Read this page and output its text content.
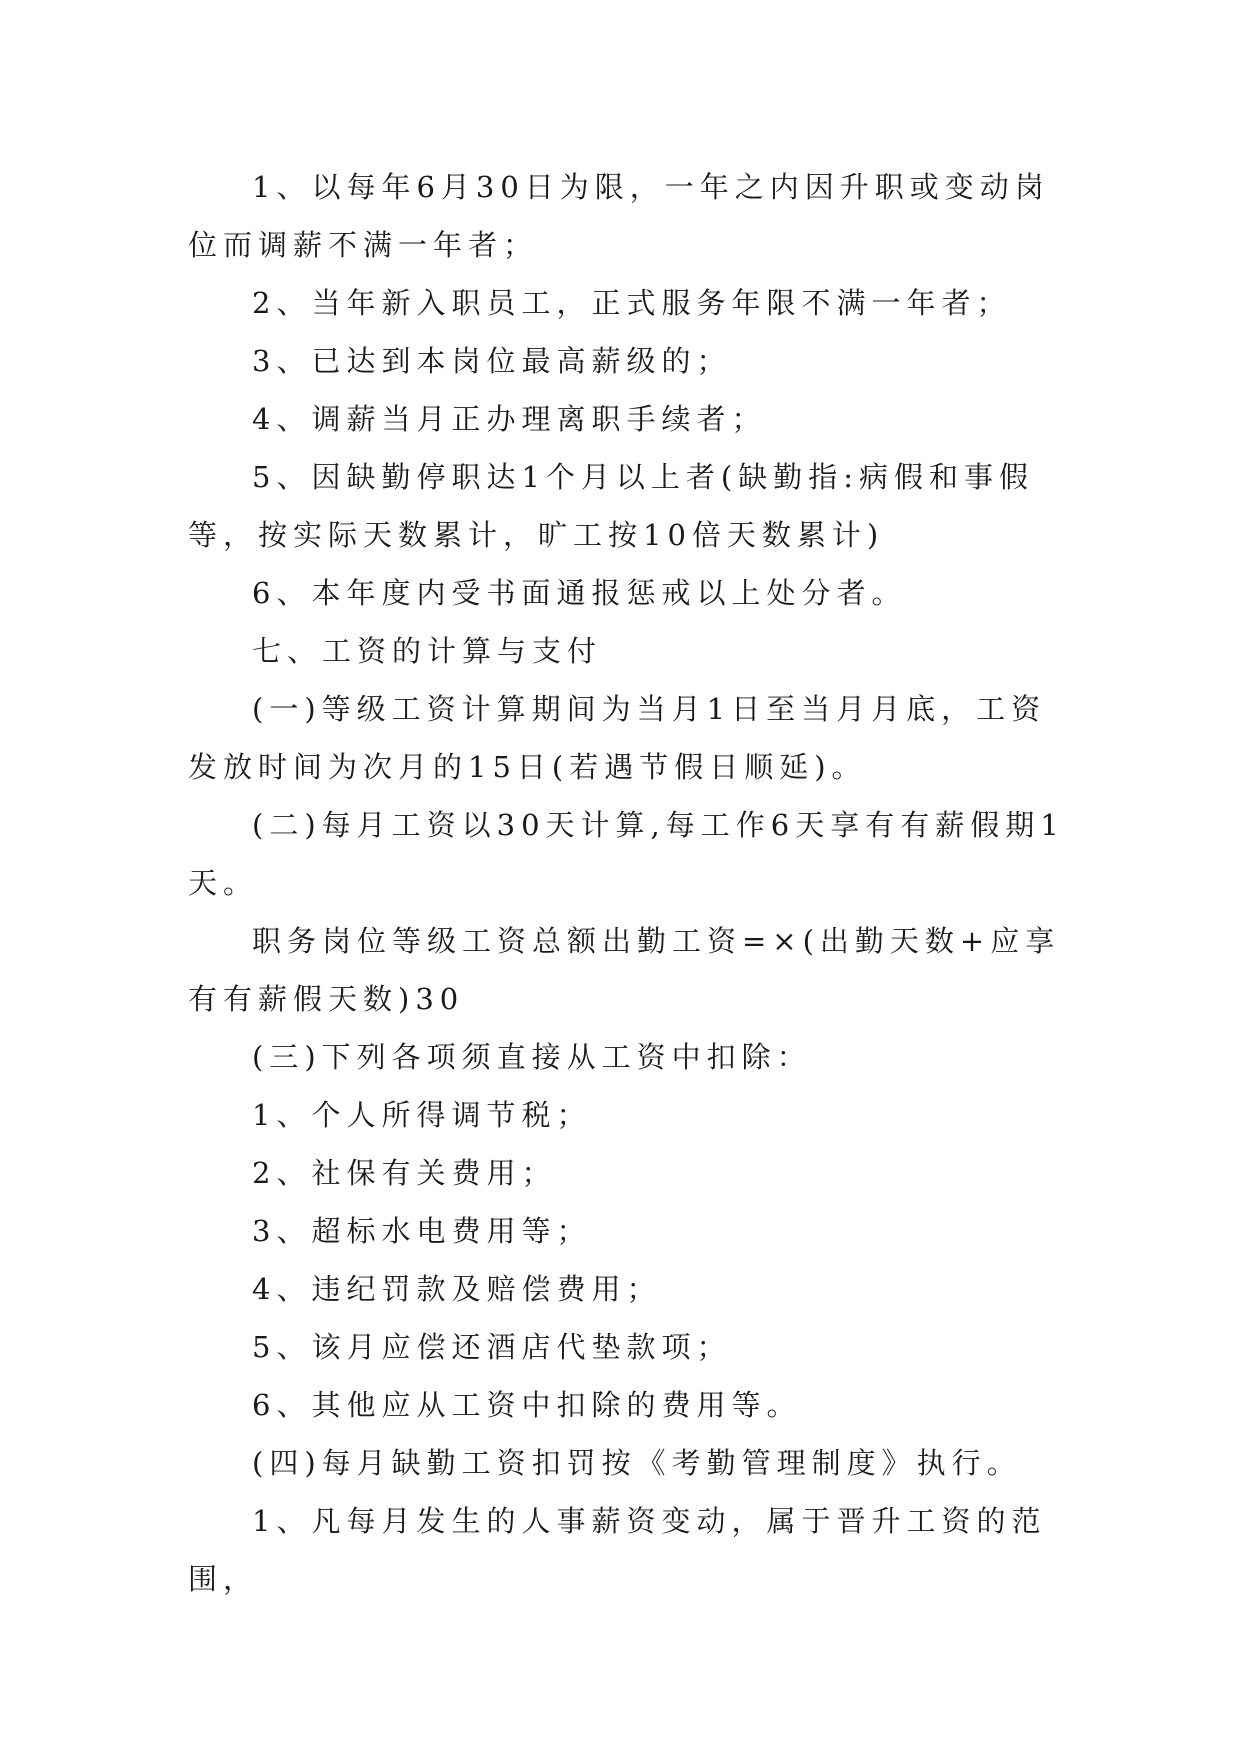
1、以每年6月30日为限，一年之内因升职或变动岗位而调薪不满一年者；

2、当年新入职员工，正式服务年限不满一年者；

3、已达到本岗位最高薪级的；

4、调薪当月正办理离职手续者；

5、因缺勤停职达1个月以上者(缺勤指:病假和事假等，按实际天数累计，旷工按10倍天数累计)

6、本年度内受书面通报惩戒以上处分者。

七、工资的计算与支付

(一)等级工资计算期间为当月1日至当月月底，工资发放时间为次月的15日(若遇节假日顺延)。

(二)每月工资以30天计算,每工作6天享有有薪假期1天。

职务岗位等级工资总额出勤工资=×(出勤天数+应享有有薪假天数)30

(三)下列各项须直接从工资中扣除：

1、个人所得调节税；

2、社保有关费用；

3、超标水电费用等；

4、违纪罚款及赔偿费用；

5、该月应偿还酒店代垫款项；

6、其他应从工资中扣除的费用等。

(四)每月缺勤工资扣罚按《考勤管理制度》执行。

1、凡每月发生的人事薪资变动，属于晋升工资的范围，
